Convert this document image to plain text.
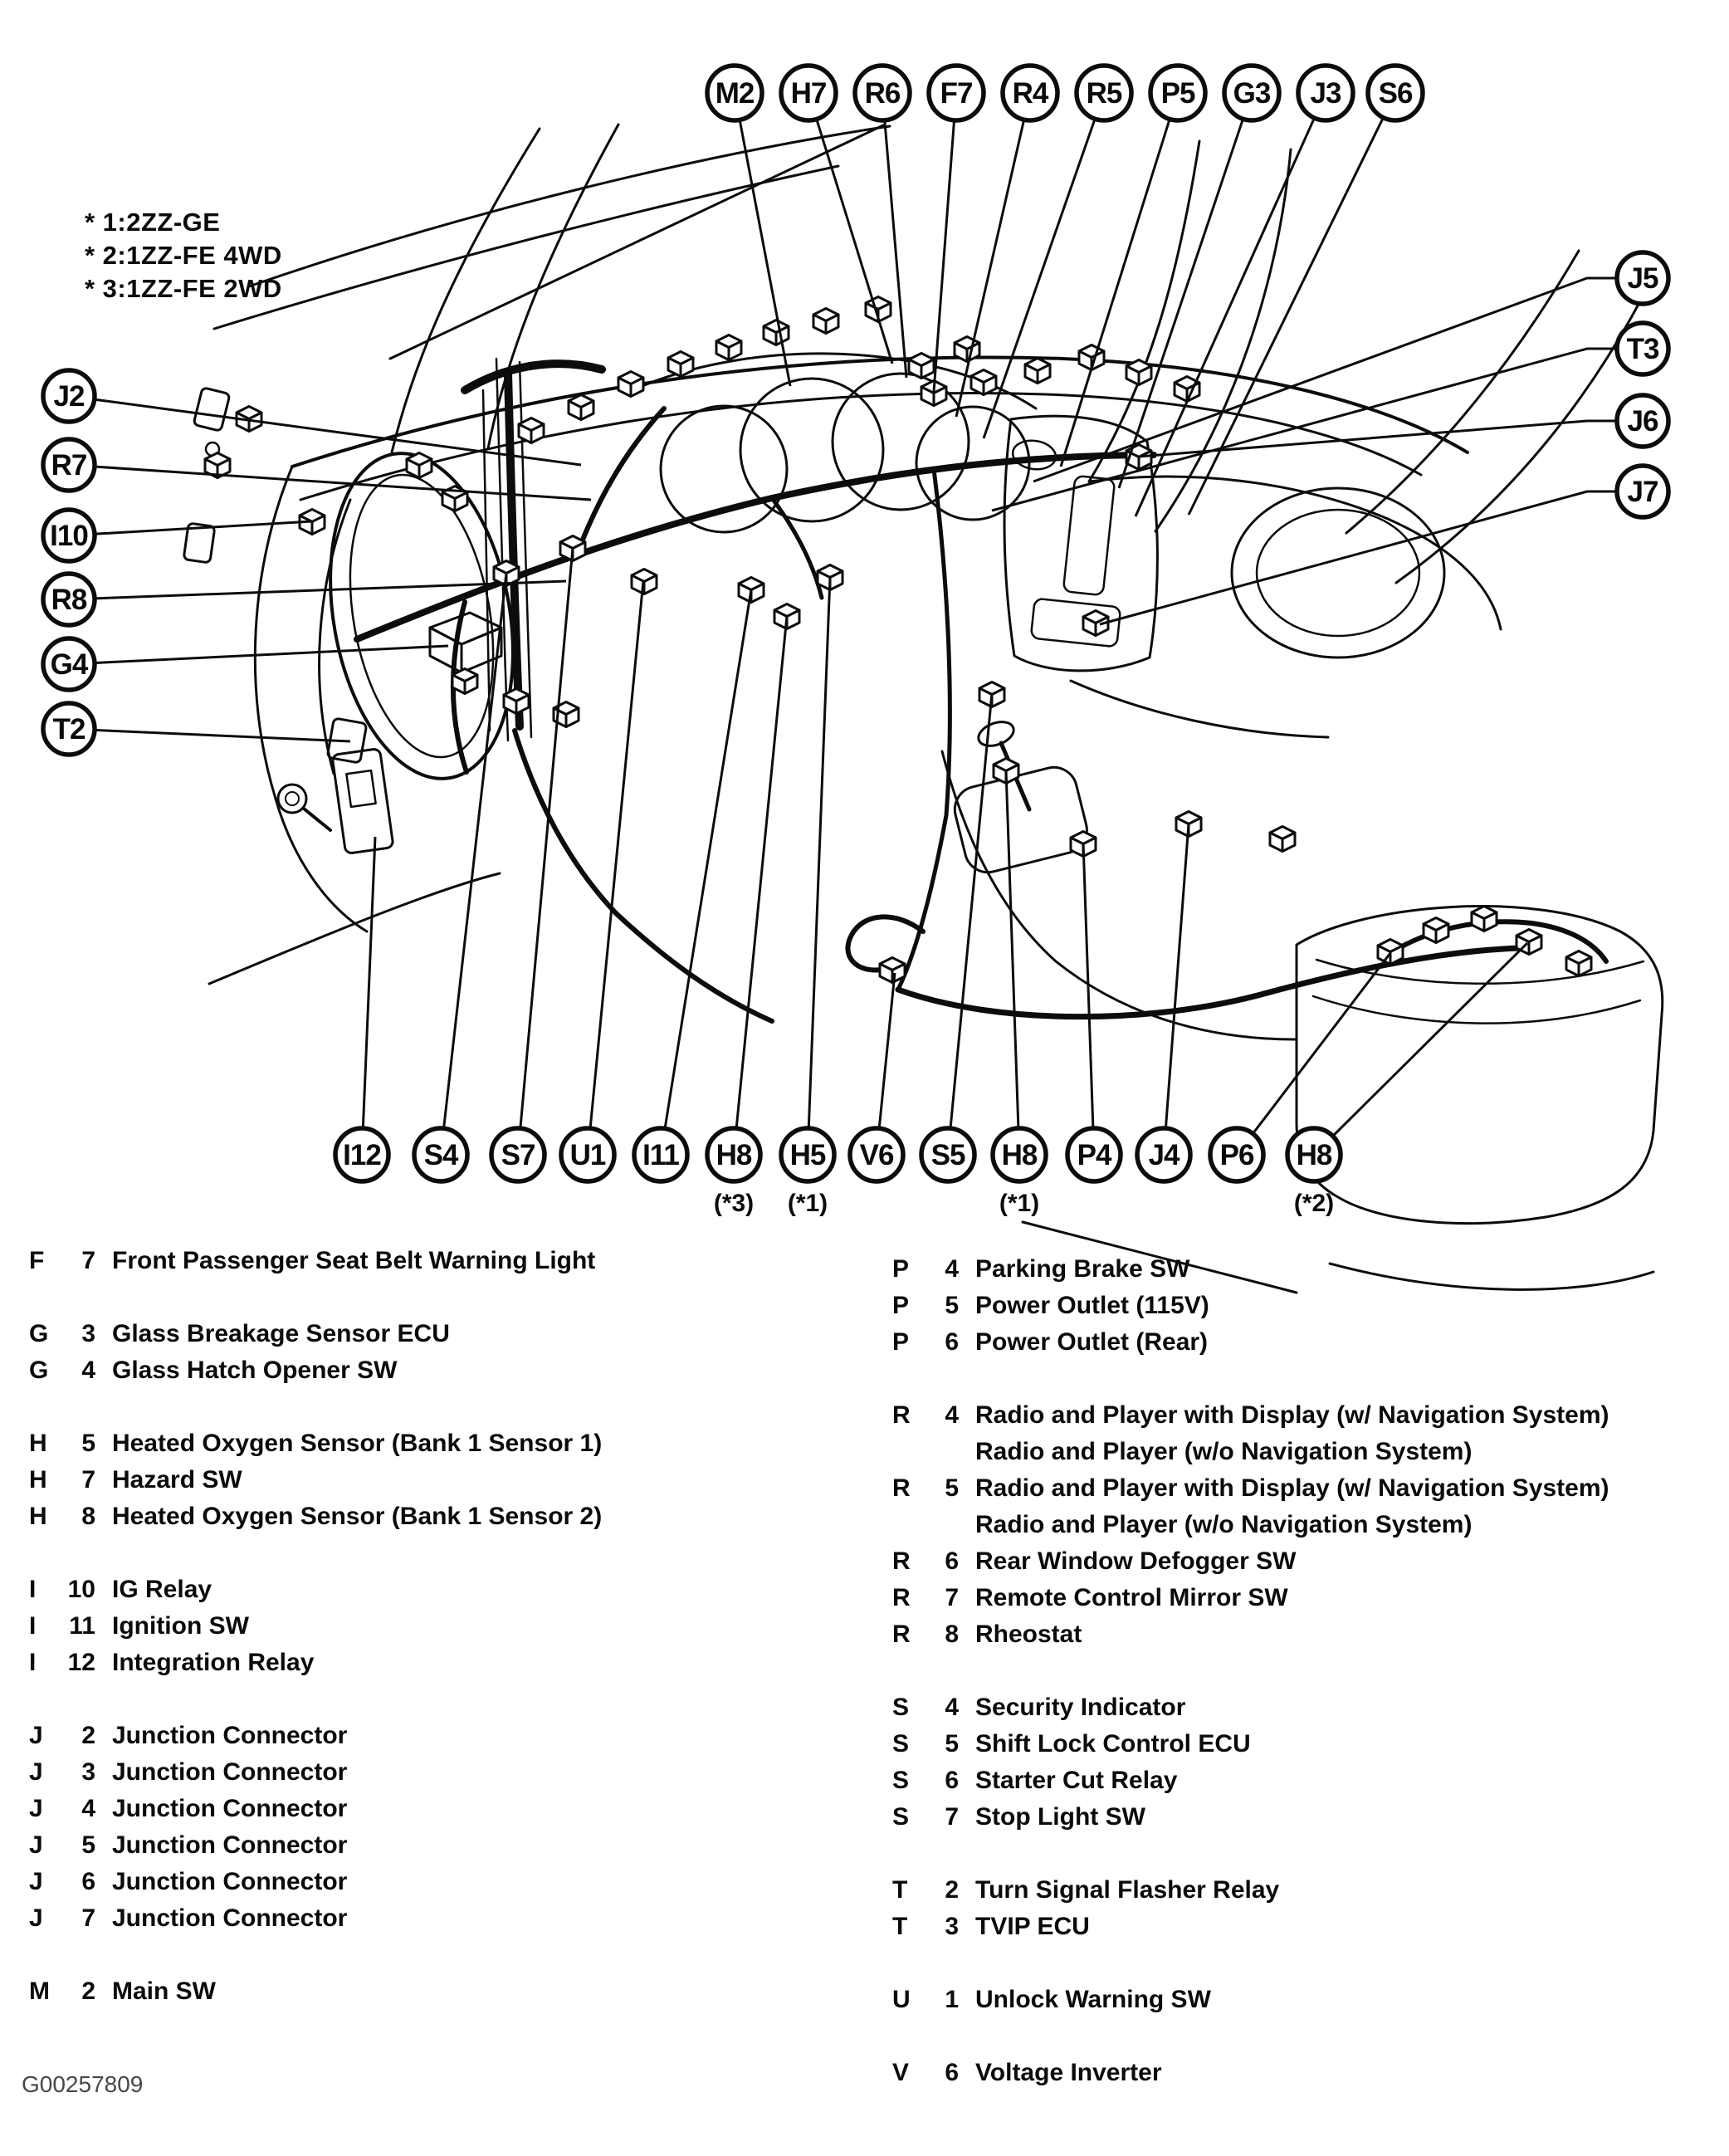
M2 H7 R6 F7 R4 R5 P5 G3 J3 S6
J2
R7
I10
R8
G4
T2
J5
T3
J6
J7
I12 S4 S7 U1 I11 H8
(*3)
H5
(*1)
V6 S5 H8
(*1)
P4 J4 P6 H8
(*2)
* 1:2ZZ-GE
* 2:1ZZ-FE 4WD
* 3:1ZZ-FE 2WD
G00257809
F	7 Front Passenger Seat Belt Warning Light
G	3 Glass Breakage Sensor ECU
G	4 Glass Hatch Opener SW
H	5 Heated Oxygen Sensor (Bank 1 Sensor 1)
H	7 Hazard SW
H	8 Heated Oxygen Sensor (Bank 1 Sensor 2)
I	10 IG Relay
I	11 Ignition SW
I	12 Integration Relay
J	2 Junction Connector
J	3 Junction Connector
J	4 Junction Connector
J	5 Junction Connector
J	6 Junction Connector
J	7 Junction Connector
M	2 Main SW
P	4 Parking Brake SW
P	5 Power Outlet (115V)
P	6 Power Outlet (Rear)
R	4 Radio and Player with Display (w/ Navigation System)
Radio and Player (w/o Navigation System)
R	5 Radio and Player with Display (w/ Navigation System)
Radio and Player (w/o Navigation System)
R	6 Rear Window Defogger SW
R	7 Remote Control Mirror SW
R	8 Rheostat
S	4 Security Indicator
S	5 Shift Lock Control ECU
S	6 Starter Cut Relay
S	7 Stop Light SW
T	2 Turn Signal Flasher Relay
T	3 TVIP ECU
U	1 Unlock Warning SW
V	6 Voltage Inverter
